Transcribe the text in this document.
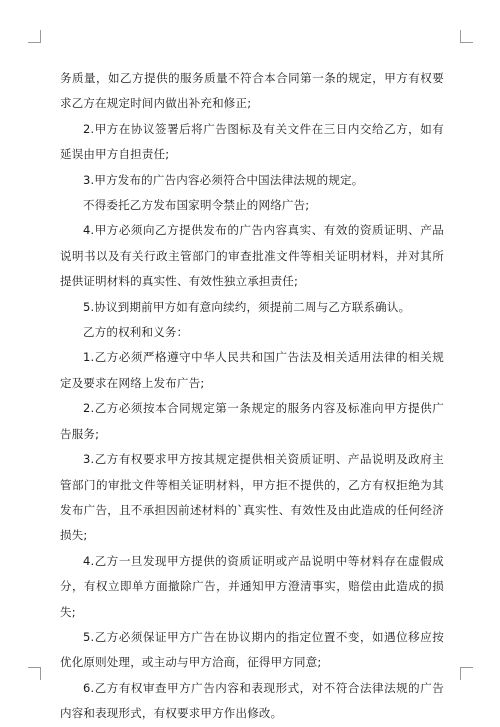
务质量，如乙方提供的服务质量不符合本合同第一条的规定，甲方有权要求乙方在规定时间内做出补充和修正;

2.甲方在协议签署后将广告图标及有关文件在三日内交给乙方，如有延误由甲方自担责任;

3.甲方发布的广告内容必须符合中国法律法规的规定。

不得委托乙方发布国家明令禁止的网络广告;

4.甲方必须向乙方提供发布的广告内容真实、有效的资质证明、产品说明书以及有关行政主管部门的审查批准文件等相关证明材料，并对其所提供证明材料的真实性、有效性独立承担责任;

5.协议到期前甲方如有意向续约，须提前二周与乙方联系确认。

乙方的权利和义务：

1.乙方必须严格遵守中华人民共和国广告法及相关适用法律的相关规定及要求在网络上发布广告;

2.乙方必须按本合同规定第一条规定的服务内容及标准向甲方提供广告服务;

3.乙方有权要求甲方按其规定提供相关资质证明、产品说明及政府主管部门的审批文件等相关证明材料，甲方拒不提供的，乙方有权拒绝为其发布广告，且不承担因前述材料的`真实性、有效性及由此造成的任何经济损失;

4.乙方一旦发现甲方提供的资质证明或产品说明中等材料存在虚假成分，有权立即单方面撤除广告，并通知甲方澄清事实，赔偿由此造成的损失;

5.乙方必须保证甲方广告在协议期内的指定位置不变，如遇位移应按优化原则处理，或主动与甲方洽商，征得甲方同意;

6.乙方有权审查甲方广告内容和表现形式，对不符合法律法规的广告内容和表现形式，有权要求甲方作出修改。
